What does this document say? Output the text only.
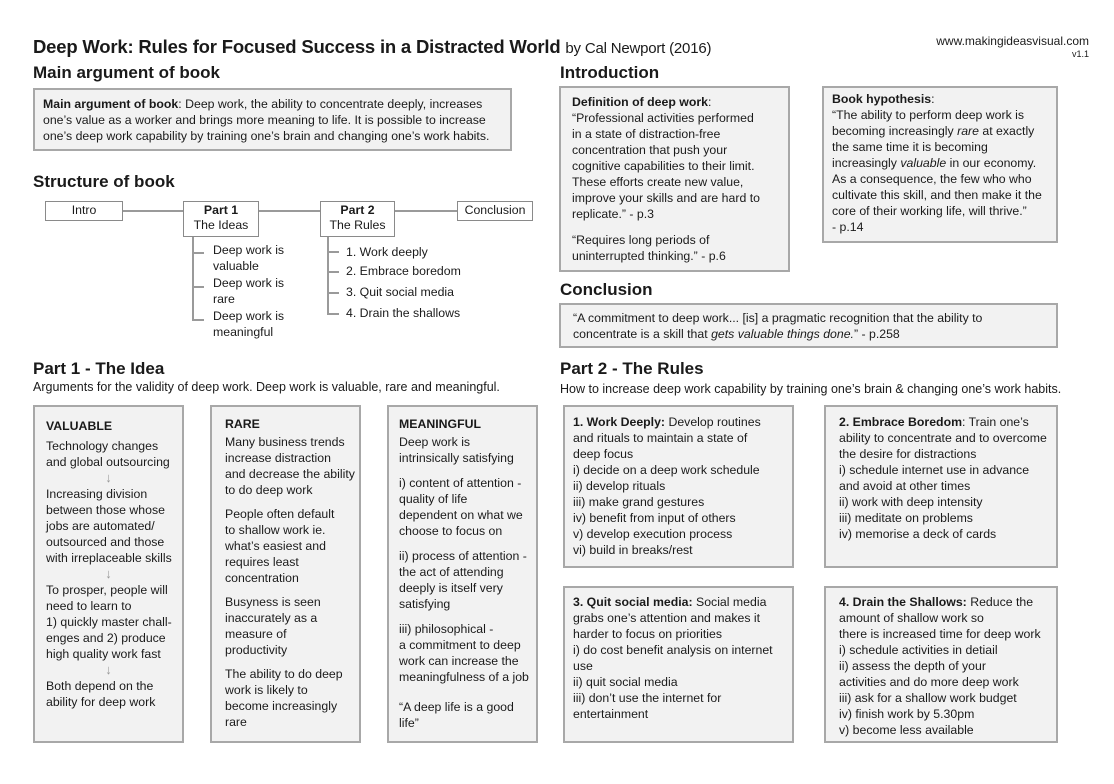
Deep Work: Rules for Focused Success in a Distracted World by Cal Newport (2016)	www.makingideasvisual.com
v1.1
Main argument of book
Main argument of book: Deep work, the ability to concentrate deeply, increases
one’s value as a worker and brings more meaning to life. It is possible to increase
one’s deep work capability by training one’s brain and changing one’s work habits.
Structure of book
Intro	Part 1
The Ideas
Part 2
The Rules
Conclusion
Deep work is
valuable
Deep work is
rare
Deep work is
meaningful
1. Work deeply
2. Embrace boredom
3. Quit social media
4. Drain the shallows
Introduction
Definition of deep work:
“Professional activities performed
in a state of distraction-free
concentration that push your
cognitive capabilities to their limit.
These efforts create new value,
improve your skills and are hard to
replicate.” - p.3
“Requires long periods of
uninterrupted thinking.” - p.6
Book hypothesis:
“The ability to perform deep work is
becoming increasingly rare at exactly
the same time it is becoming
increasingly valuable in our economy.
As a consequence, the few who who
cultivate this skill, and then make it the
core of their working life, will thrive.”
- p.14
Conclusion
“A commitment to deep work... [is] a pragmatic recognition that the ability to
concentrate is a skill that gets valuable things done.” - p.258
Part 1 - The Idea
Arguments for the validity of deep work. Deep work is valuable, rare and meaningful.
VALUABLE
Technology changes
and global outsourcing
↓
Increasing division
between those whose
jobs are automated/
outsourced and those
with irreplaceable skills
↓
To prosper, people will
need to learn to
1) quickly master chall-
enges and 2) produce
high quality work fast
↓
Both depend on the
ability for deep work
RARE
Many business trends
increase distraction
and decrease the ability
to do deep work
People often default
to shallow work ie.
what’s easiest and
requires least
concentration
Busyness is seen
inaccurately as a
measure of
productivity
The ability to do deep
work is likely to
become increasingly
rare
MEANINGFUL
Deep work is
intrinsically satisfying
i) content of attention -
quality of life
dependent on what we
choose to focus on
ii) process of attention -
the act of attending
deeply is itself very
satisfying
iii) philosophical -
a commitment to deep
work can increase the
meaningfulness of a job
“A deep life is a good
life”
Part 2 - The Rules
How to increase deep work capability by training one’s brain & changing one’s work habits.
1. Work Deeply: Develop routines
and rituals to maintain a state of
deep focus
i) decide on a deep work schedule
ii) develop rituals
iii) make grand gestures
iv) benefit from input of others
v) develop execution process
vi) build in breaks/rest
2. Embrace Boredom: Train one’s
ability to concentrate and to overcome
the desire for distractions
i) schedule internet use in advance
and avoid at other times
ii) work with deep intensity
iii) meditate on problems
iv) memorise a deck of cards
3. Quit social media: Social media
grabs one’s attention and makes it
harder to focus on priorities
i) do cost benefit analysis on internet
use
ii) quit social media
iii) don’t use the internet for
entertainment
4. Drain the Shallows: Reduce the
amount of shallow work so
there is increased time for deep work
i) schedule activities in detiail
ii) assess the depth of your
activities and do more deep work
iii) ask for a shallow work budget
iv) finish work by 5.30pm
v) become less available
